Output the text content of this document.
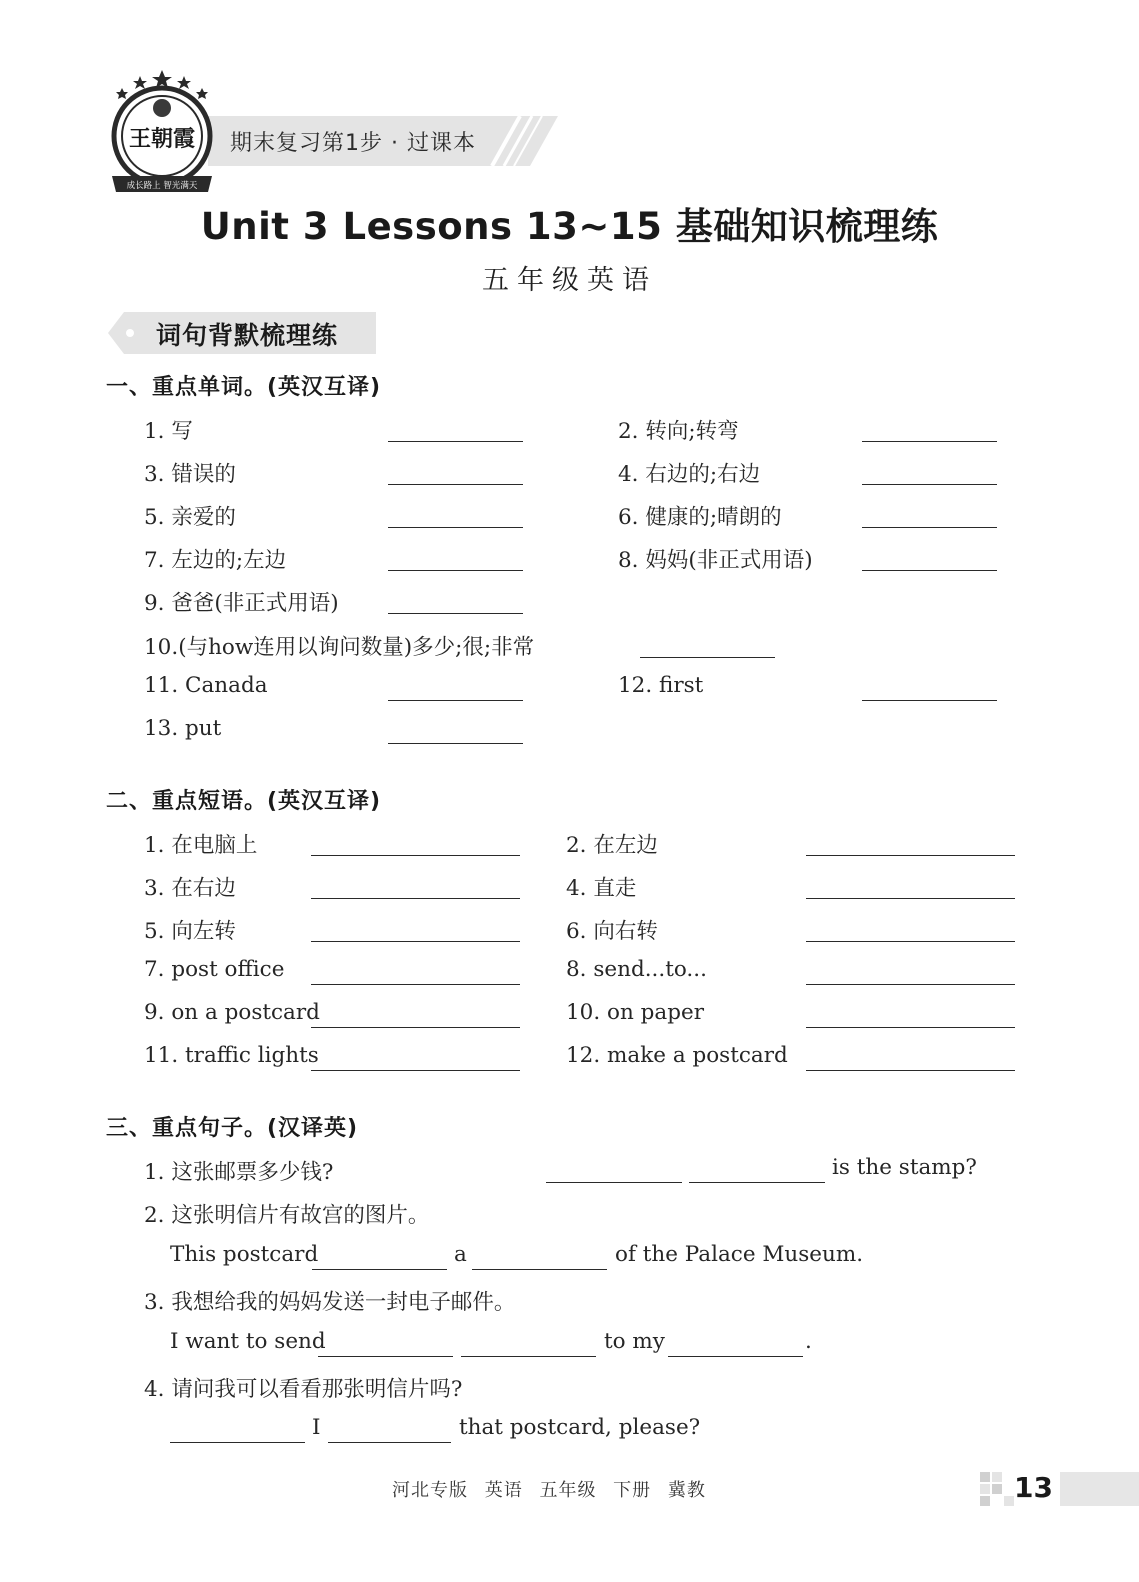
期末复习第1步 · 过课本
成长路上 智光满天
王朝霞
Unit 3 Lessons 13~15 基础知识梳理练
五年级英语
词句背默梳理练
一、重点单词。(英汉互译)
1. 写	2. 转向;转弯
3. 错误的	4. 右边的;右边
5. 亲爱的	6. 健康的;晴朗的
7. 左边的;左边	8. 妈妈(非正式用语)
9. 爸爸(非正式用语)
10.(与how连用以询问数量)多少;很;非常
11. Canada	12. first
13. put
二、重点短语。(英汉互译)
1. 在电脑上	2. 在左边
3. 在右边	4. 直走
5. 向左转	6. 向右转
7. post office	8. send...to...
9. on a postcard	10. on paper
11. traffic lights	12. make a postcard
三、重点句子。(汉译英)
1. 这张邮票多少钱?	is the stamp?
2. 这张明信片有故宫的图片。
This postcard	a	of the Palace Museum.
3. 我想给我的妈妈发送一封电子邮件。
I want to send	to my	.
4. 请问我可以看看那张明信片吗?
I	that postcard, please?
河北专版 英语 五年级 下册 冀教	13
